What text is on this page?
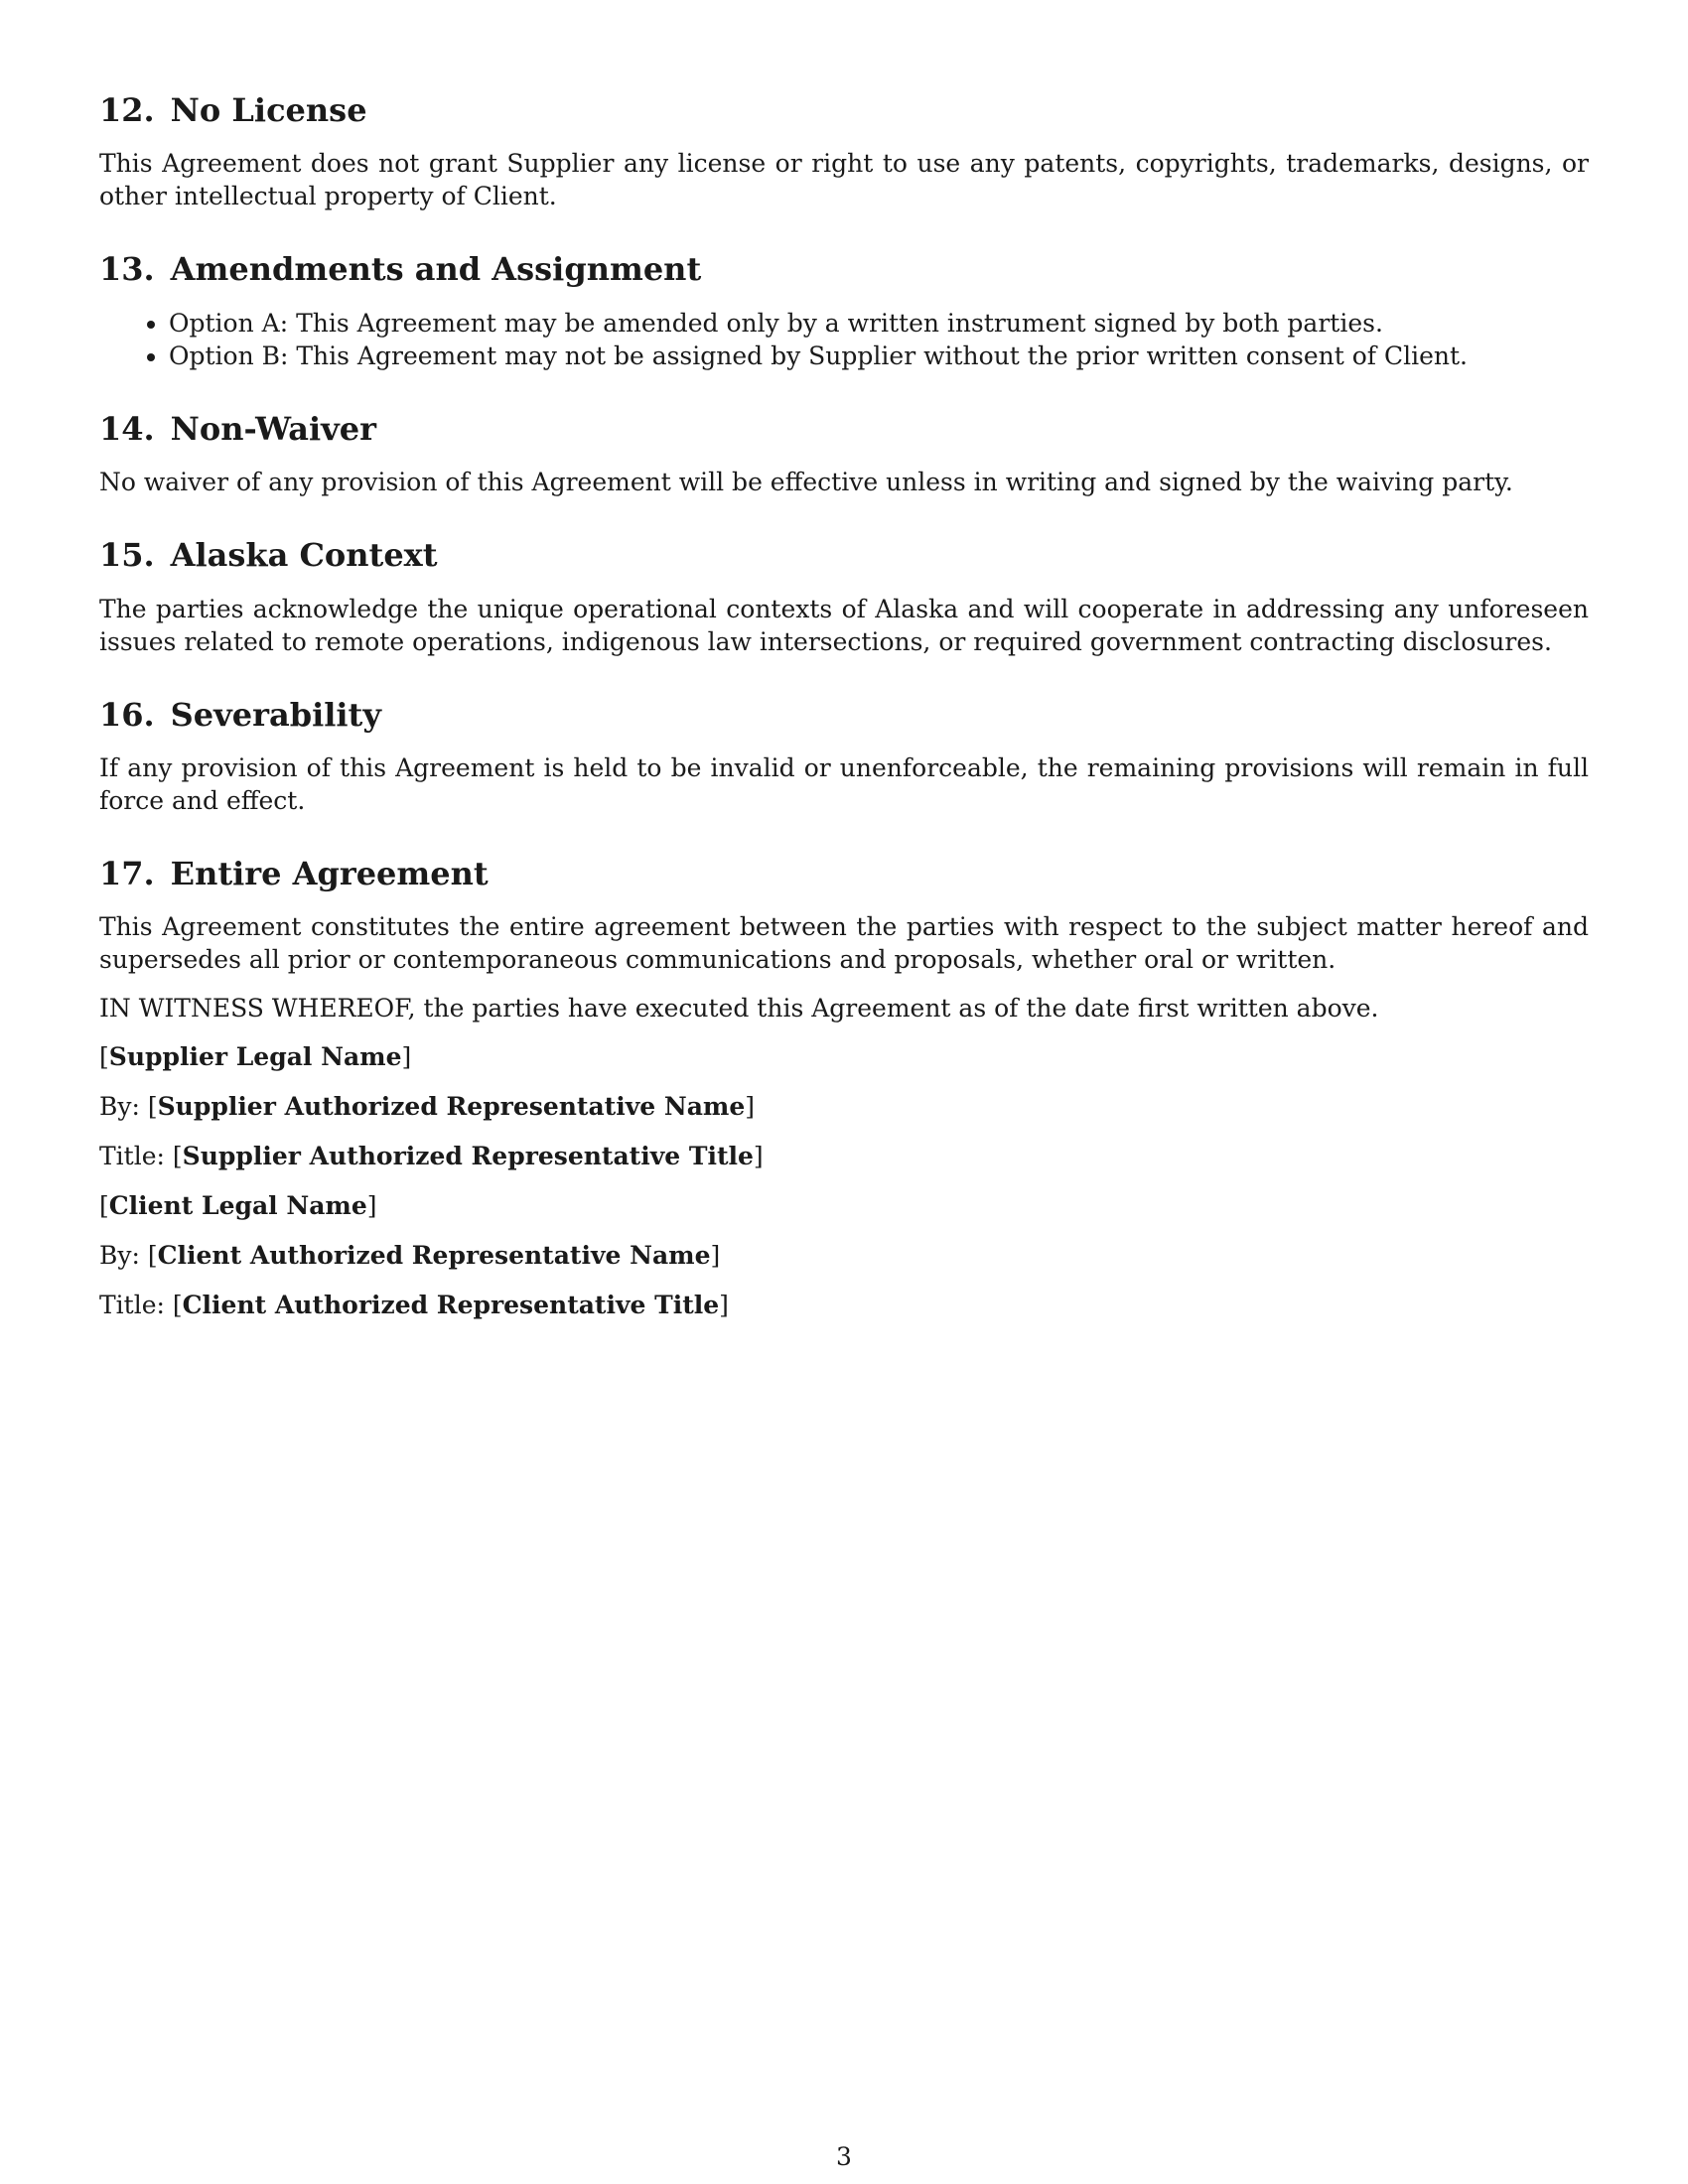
12. No License

This Agreement does not grant Supplier any license or right to use any patents, copyrights, trademarks, designs, or other intellectual property of Client.

13. Amendments and Assignment
• Option A: This Agreement may be amended only by a written instrument signed by both parties.
• Option B: This Agreement may not be assigned by Supplier without the prior written consent of Client.
14. Non-Waiver

No waiver of any provision of this Agreement will be effective unless in writing and signed by the waiving party.

15. Alaska Context

The parties acknowledge the unique operational contexts of Alaska and will cooperate in addressing any unforeseen issues related to remote operations, indigenous law intersections, or required government contracting disclosures.

16. Severability

If any provision of this Agreement is held to be invalid or unenforceable, the remaining provisions will remain in full force and effect.

17. Entire Agreement

This Agreement constitutes the entire agreement between the parties with respect to the subject matter hereof and supersedes all prior or contemporaneous communications and proposals, whether oral or written.

IN WITNESS WHEREOF, the parties have executed this Agreement as of the date first written above.

[Supplier Legal Name]

By: [Supplier Authorized Representative Name]

Title: [Supplier Authorized Representative Title]

[Client Legal Name]

By: [Client Authorized Representative Name]

Title: [Client Authorized Representative Title]

3
